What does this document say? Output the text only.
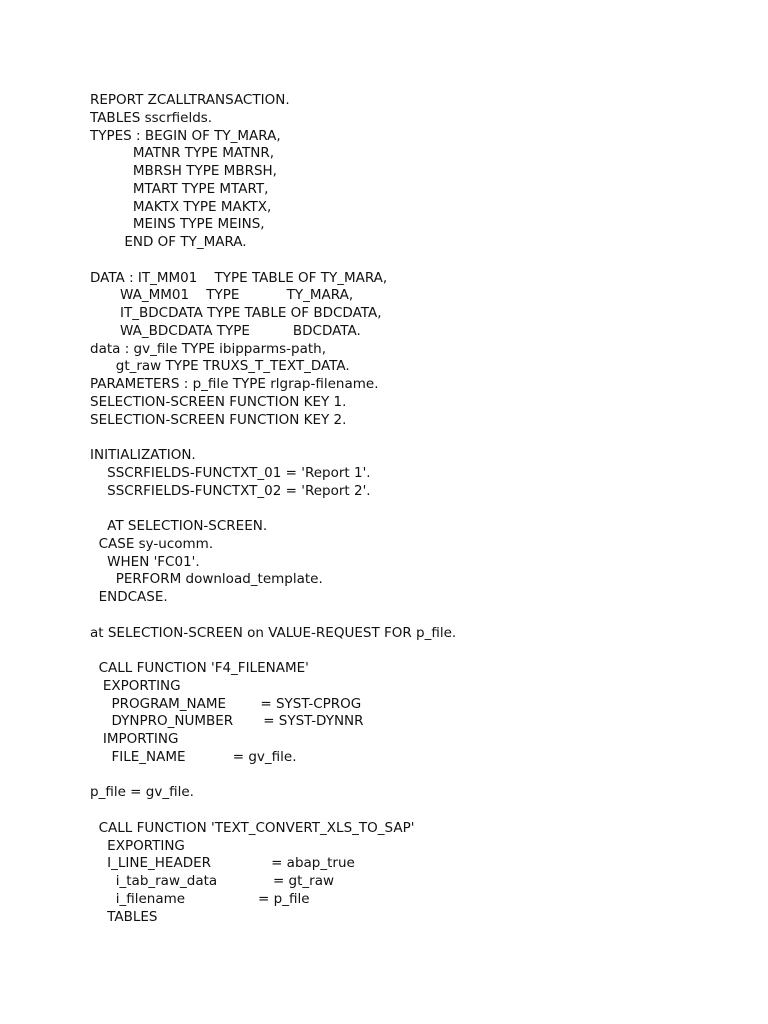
REPORT ZCALLTRANSACTION.
TABLES sscrfields.
TYPES : BEGIN OF TY_MARA,
MATNR TYPE MATNR,
MBRSH TYPE MBRSH,
MTART TYPE MTART,
MAKTX TYPE MAKTX,
MEINS TYPE MEINS,
END OF TY_MARA.
DATA : IT_MM01    TYPE TABLE OF TY_MARA,
WA_MM01    TYPE           TY_MARA,
IT_BDCDATA TYPE TABLE OF BDCDATA,
WA_BDCDATA TYPE          BDCDATA.
data : gv_file TYPE ibipparms-path,
gt_raw TYPE TRUXS_T_TEXT_DATA.
PARAMETERS : p_file TYPE rlgrap-filename.
SELECTION-SCREEN FUNCTION KEY 1.
SELECTION-SCREEN FUNCTION KEY 2.
INITIALIZATION.
SSCRFIELDS-FUNCTXT_01 = 'Report 1'.
SSCRFIELDS-FUNCTXT_02 = 'Report 2'.
AT SELECTION-SCREEN.
CASE sy-ucomm.
WHEN 'FC01'.
PERFORM download_template.
ENDCASE.
at SELECTION-SCREEN on VALUE-REQUEST FOR p_file.
CALL FUNCTION 'F4_FILENAME'
EXPORTING
PROGRAM_NAME        = SYST-CPROG
DYNPRO_NUMBER       = SYST-DYNNR
IMPORTING
FILE_NAME           = gv_file.
p_file = gv_file.
CALL FUNCTION 'TEXT_CONVERT_XLS_TO_SAP'
EXPORTING
I_LINE_HEADER              = abap_true
i_tab_raw_data             = gt_raw
i_filename                 = p_file
TABLES
